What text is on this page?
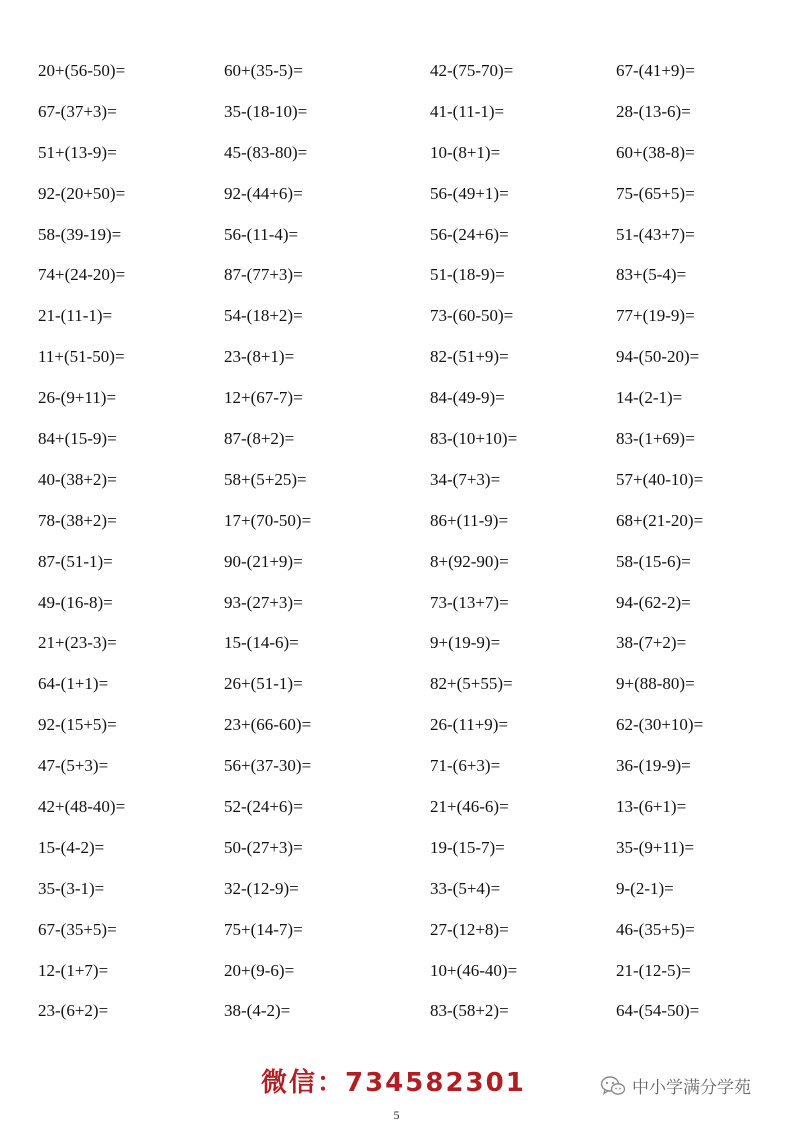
20+(56-50)=	60+(35-5)=	42-(75-70)=	67-(41+9)=
67-(37+3)=	35-(18-10)=	41-(11-1)=	28-(13-6)=
51+(13-9)=	45-(83-80)=	10-(8+1)=	60+(38-8)=
92-(20+50)=	92-(44+6)=	56-(49+1)=	75-(65+5)=
58-(39-19)=	56-(11-4)=	56-(24+6)=	51-(43+7)=
74+(24-20)=	87-(77+3)=	51-(18-9)=	83+(5-4)=
21-(11-1)=	54-(18+2)=	73-(60-50)=	77+(19-9)=
11+(51-50)=	23-(8+1)=	82-(51+9)=	94-(50-20)=
26-(9+11)=	12+(67-7)=	84-(49-9)=	14-(2-1)=
84+(15-9)=	87-(8+2)=	83-(10+10)=	83-(1+69)=
40-(38+2)=	58+(5+25)=	34-(7+3)=	57+(40-10)=
78-(38+2)=	17+(70-50)=	86+(11-9)=	68+(21-20)=
87-(51-1)=	90-(21+9)=	8+(92-90)=	58-(15-6)=
49-(16-8)=	93-(27+3)=	73-(13+7)=	94-(62-2)=
21+(23-3)=	15-(14-6)=	9+(19-9)=	38-(7+2)=
64-(1+1)=	26+(51-1)=	82+(5+55)=	9+(88-80)=
92-(15+5)=	23+(66-60)=	26-(11+9)=	62-(30+10)=
47-(5+3)=	56+(37-30)=	71-(6+3)=	36-(19-9)=
42+(48-40)=	52-(24+6)=	21+(46-6)=	13-(6+1)=
15-(4-2)=	50-(27+3)=	19-(15-7)=	35-(9+11)=
35-(3-1)=	32-(12-9)=	33-(5+4)=	9-(2-1)=
67-(35+5)=	75+(14-7)=	27-(12+8)=	46-(35+5)=
12-(1+7)=	20+(9-6)=	10+(46-40)=	21-(12-5)=
23-(6+2)=	38-(4-2)=	83-(58+2)=	64-(54-50)=
微信：734582301	中小学满分学苑
5
